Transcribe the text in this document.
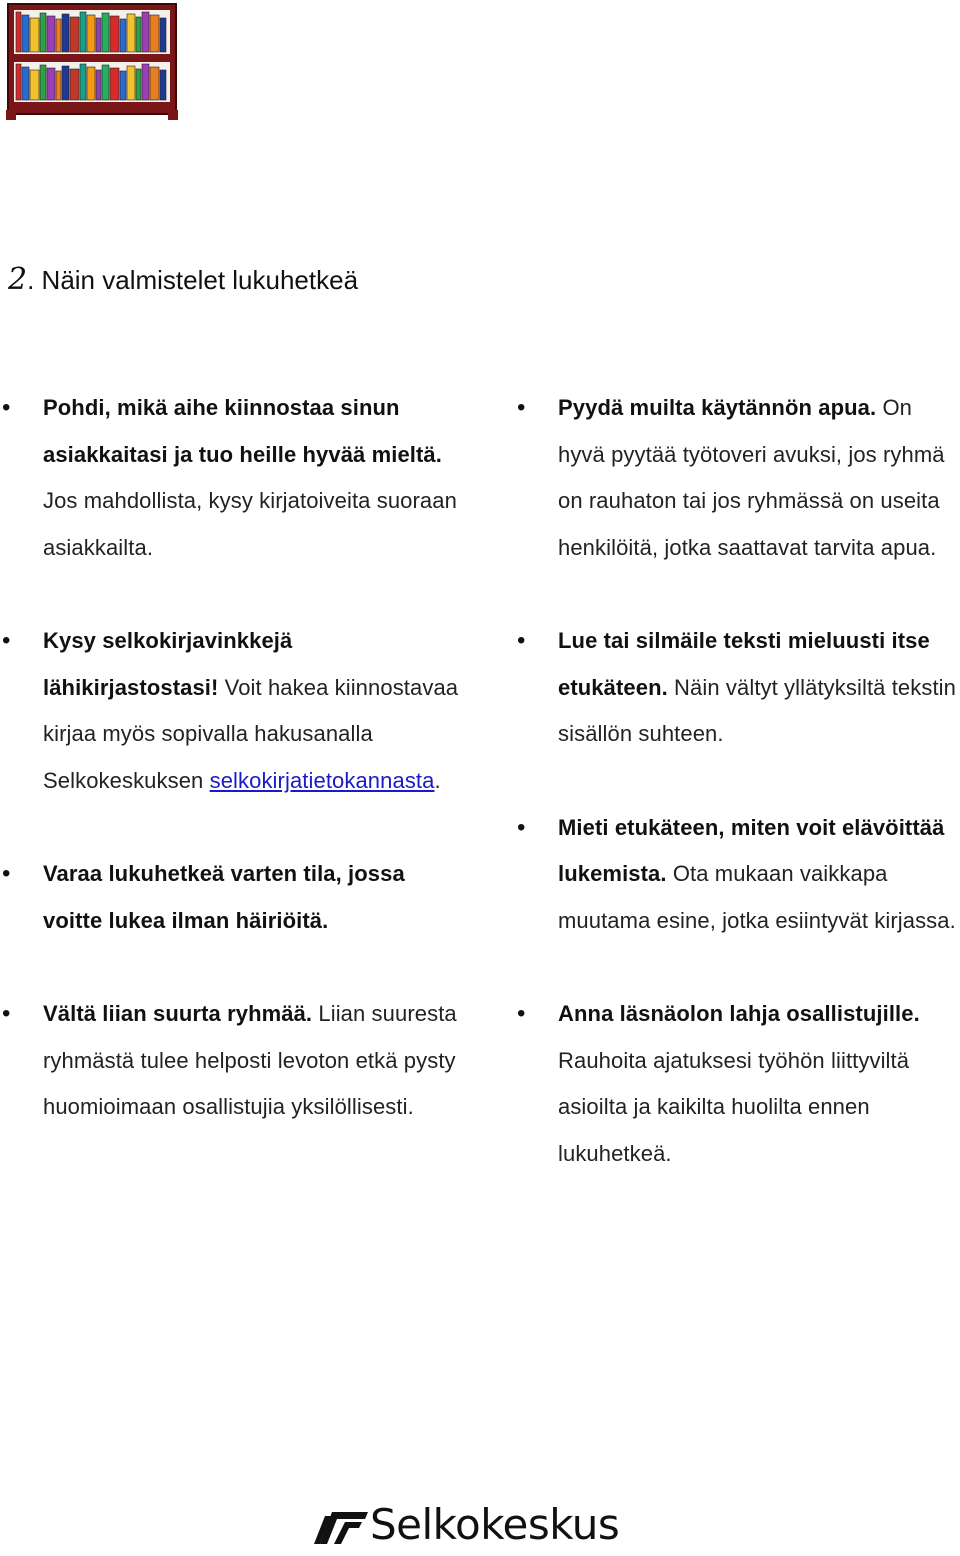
2. Näin valmistelet lukuhetkeä
• Pohdi, mikä aihe kiinnostaa sinun asiakkaitasi ja tuo heille hyvää mieltä. Jos mahdollista, kysy kirjatoiveita suoraan asiakkailta.
• Kysy selkokirjavinkkejä lähikirjastostasi! Voit hakea kiinnostavaa kirjaa myös sopivalla hakusanalla Selkokeskuksen selkokirjatietokannasta.
• Varaa lukuhetkeä varten tila, jossa voitte lukea ilman häiriöitä.
• Vältä liian suurta ryhmää. Liian suuresta ryhmästä tulee helposti levoton etkä pysty huomioimaan osallistujia yksilöllisesti.
• Pyydä muilta käytännön apua. On hyvä pyytää työtoveri avuksi, jos ryhmä on rauhaton tai jos ryhmässä on useita henkilöitä, jotka saattavat tarvita apua.
• Lue tai silmäile teksti mieluusti itse etukäteen. Näin vältyt yllätyksiltä tekstin sisällön suhteen.
• Mieti etukäteen, miten voit elävöittää lukemista. Ota mukaan vaikkapa muutama esine, jotka esiintyvät kirjassa.
• Anna läsnäolon lahja osallistujille. Rauhoita ajatuksesi työhön liittyviltä asioilta ja kaikilta huolilta ennen lukuhetkeä.
Selkokeskus
